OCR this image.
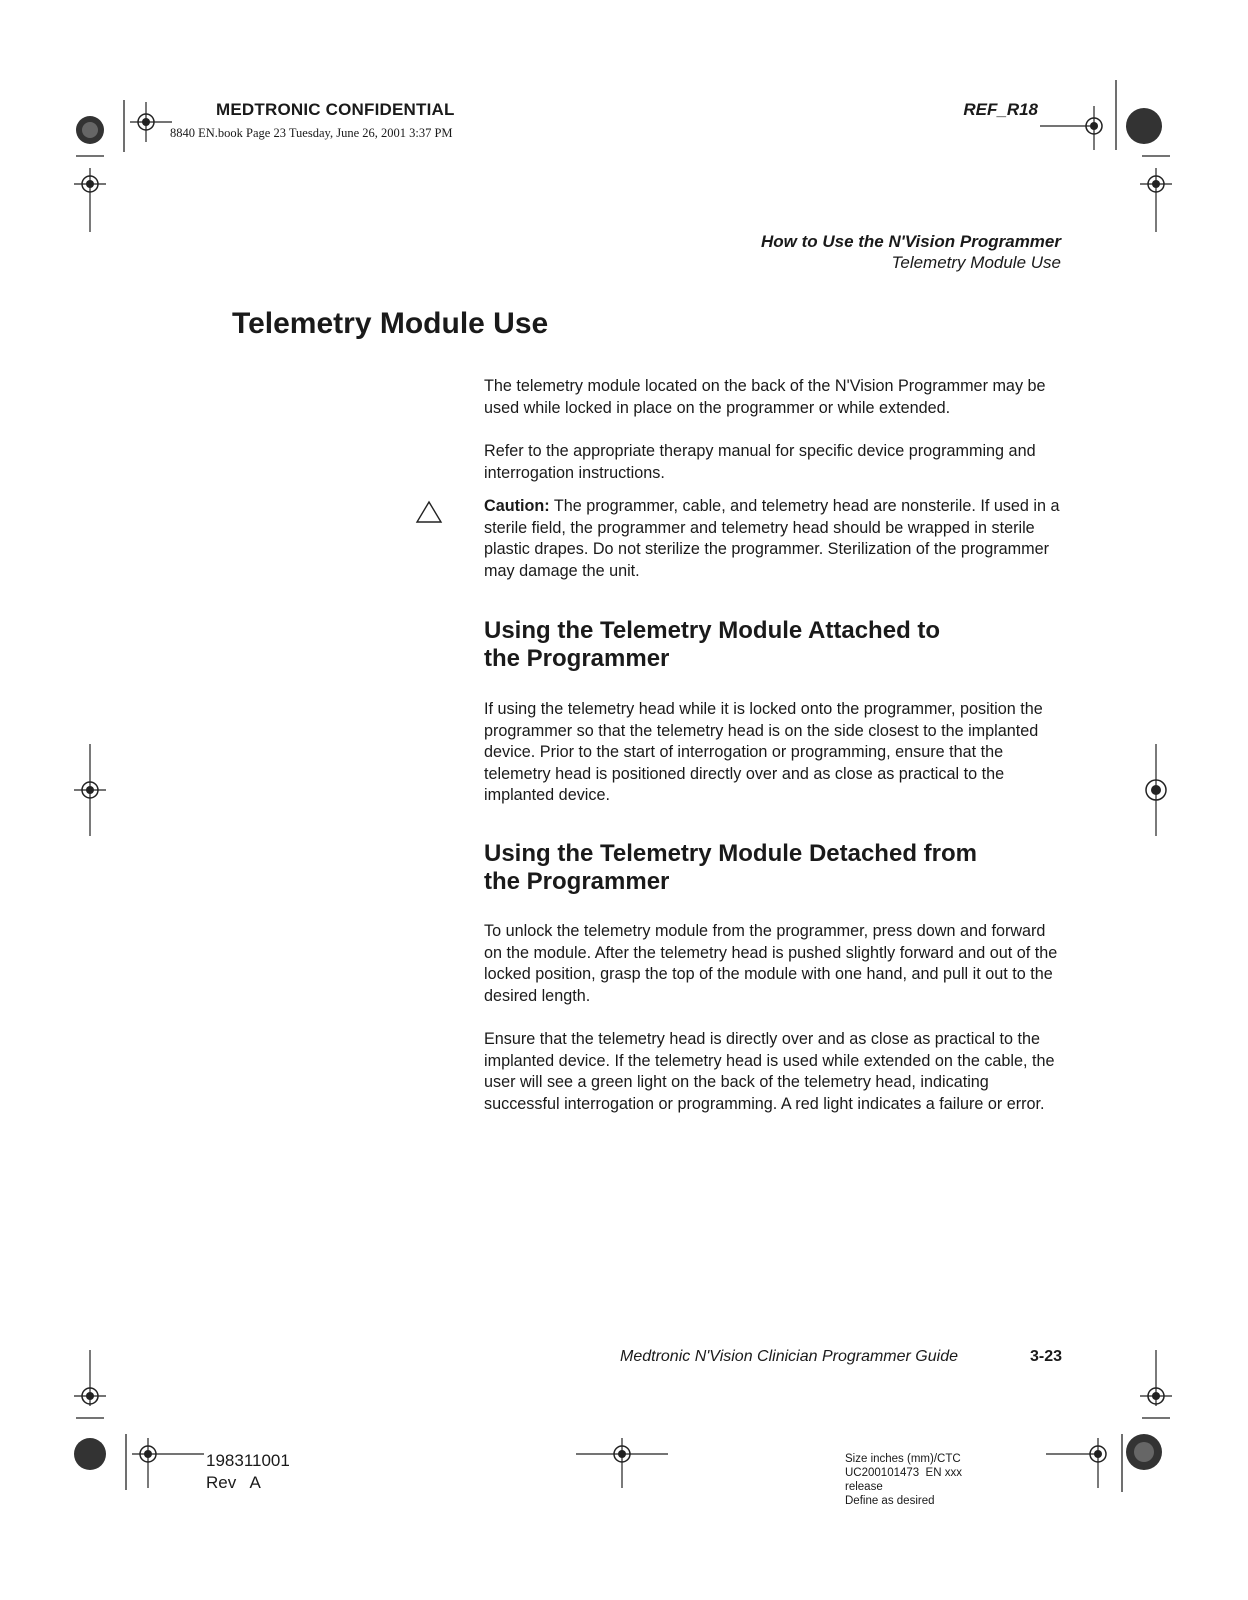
MEDTRONIC CONFIDENTIAL
8840 EN.book Page 23 Tuesday, June 26, 2001 3:37 PM
REF_R18
How to Use the N'Vision Programmer
Telemetry Module Use
Telemetry Module Use

The telemetry module located on the back of the N'Vision Programmer may be used while locked in place on the programmer or while extended.

Refer to the appropriate therapy manual for specific device programming and interrogation instructions.

Caution: The programmer, cable, and telemetry head are nonsterile. If used in a sterile field, the programmer and telemetry head should be wrapped in sterile plastic drapes. Do not sterilize the programmer. Sterilization of the programmer may damage the unit.

Using the Telemetry Module Attached to
the Programmer

If using the telemetry head while it is locked onto the programmer, position the programmer so that the telemetry head is on the side closest to the implanted device. Prior to the start of interrogation or programming, ensure that the telemetry head is positioned directly over and as close as practical to the implanted device.

Using the Telemetry Module Detached from
the Programmer

To unlock the telemetry module from the programmer, press down and forward on the module. After the telemetry head is pushed slightly forward and out of the locked position, grasp the top of the module with one hand, and pull it out to the desired length.

Ensure that the telemetry head is directly over and as close as practical to the implanted device. If the telemetry head is used while extended on the cable, the user will see a green light on the back of the telemetry head, indicating successful interrogation or programming. A red light indicates a failure or error.

Medtronic N'Vision Clinician Programmer Guide	3-23
198311001
Rev   A
Size inches (mm)/CTC
UC200101473  EN xxx
release
Define as desired
